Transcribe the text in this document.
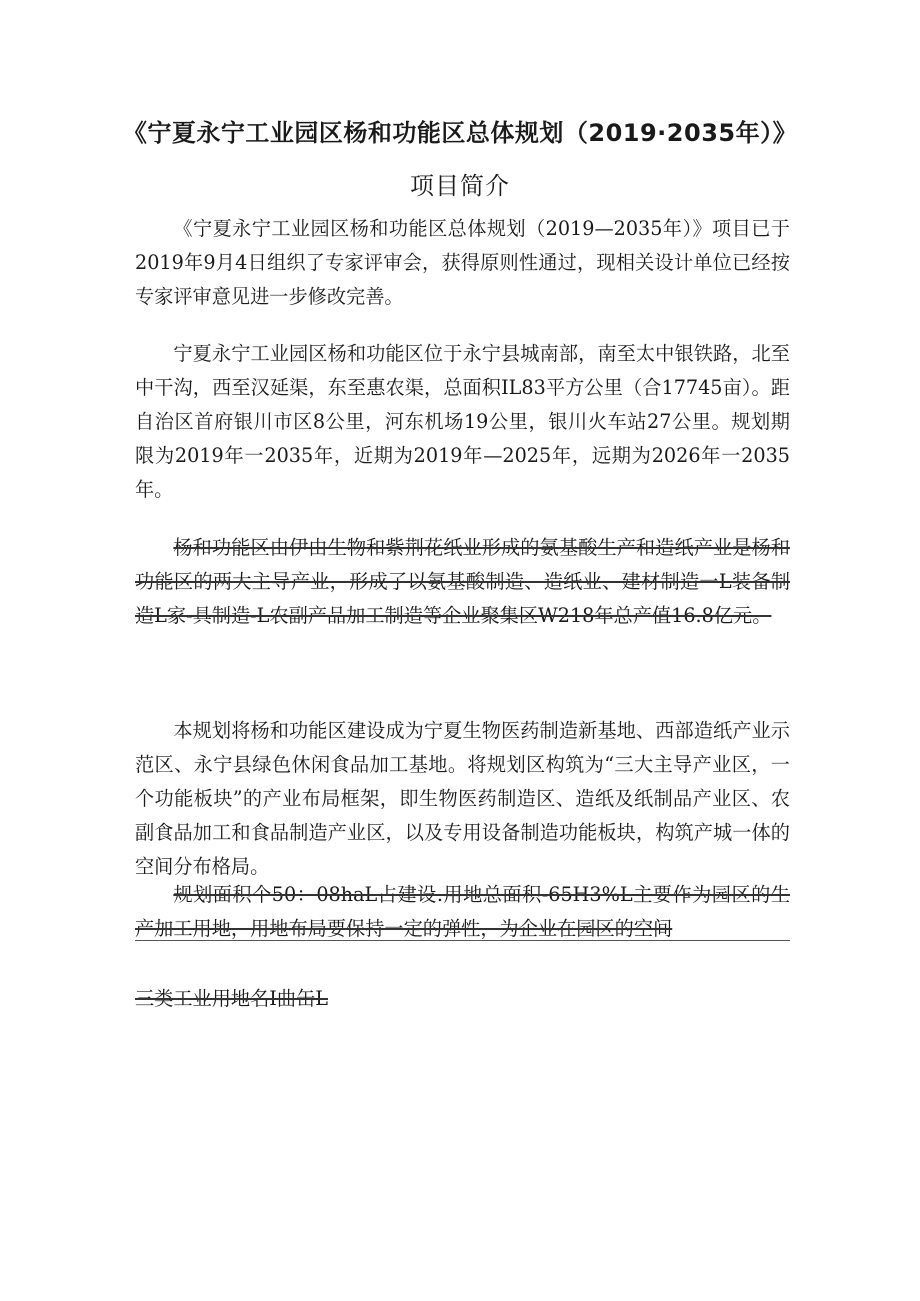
《宁夏永宁工业园区杨和功能区总体规划（2019·2035年）》
项目简介

《宁夏永宁工业园区杨和功能区总体规划（2019—2035年）》项目已于2019年9月4日组织了专家评审会，获得原则性通过，现相关设计单位已经按专家评审意见进一步修改完善。

宁夏永宁工业园区杨和功能区位于永宁县城南部，南至太中银铁路，北至中干沟，西至汉延渠，东至惠农渠，总面积IL83平方公里（合17745亩）。距自治区首府银川市区8公里，河东机场19公里，银川火车站27公里。规划期限为2019年一2035年，近期为2019年—2025年，远期为2026年一2035年。

杨和功能区由伊由生物和紫荆花纸业形成的氨基酸生产和造纸产业是杨和功能区的两大主导产业，形成了以氨基酸制造、造纸业、建材制造一L装备制造L家-具制造-L农副产品加工制造等企业聚集区W218年总产值16.8亿元。

本规划将杨和功能区建设成为宁夏生物医药制造新基地、西部造纸产业示范区、永宁县绿色休闲食品加工基地。将规划区构筑为“三大主导产业区，一个功能板块”的产业布局框架，即生物医药制造区、造纸及纸制品产业区、农副食品加工和食品制造产业区，以及专用设备制造功能板块，构筑产城一体的空间分布格局。

规划面积个50：08haL占建设.用地总面积-65H3%L主要作为园区的生产加工用地，用地布局要保持一定的弹性，为企业在园区的空间

三类工业用地名I曲缶L
